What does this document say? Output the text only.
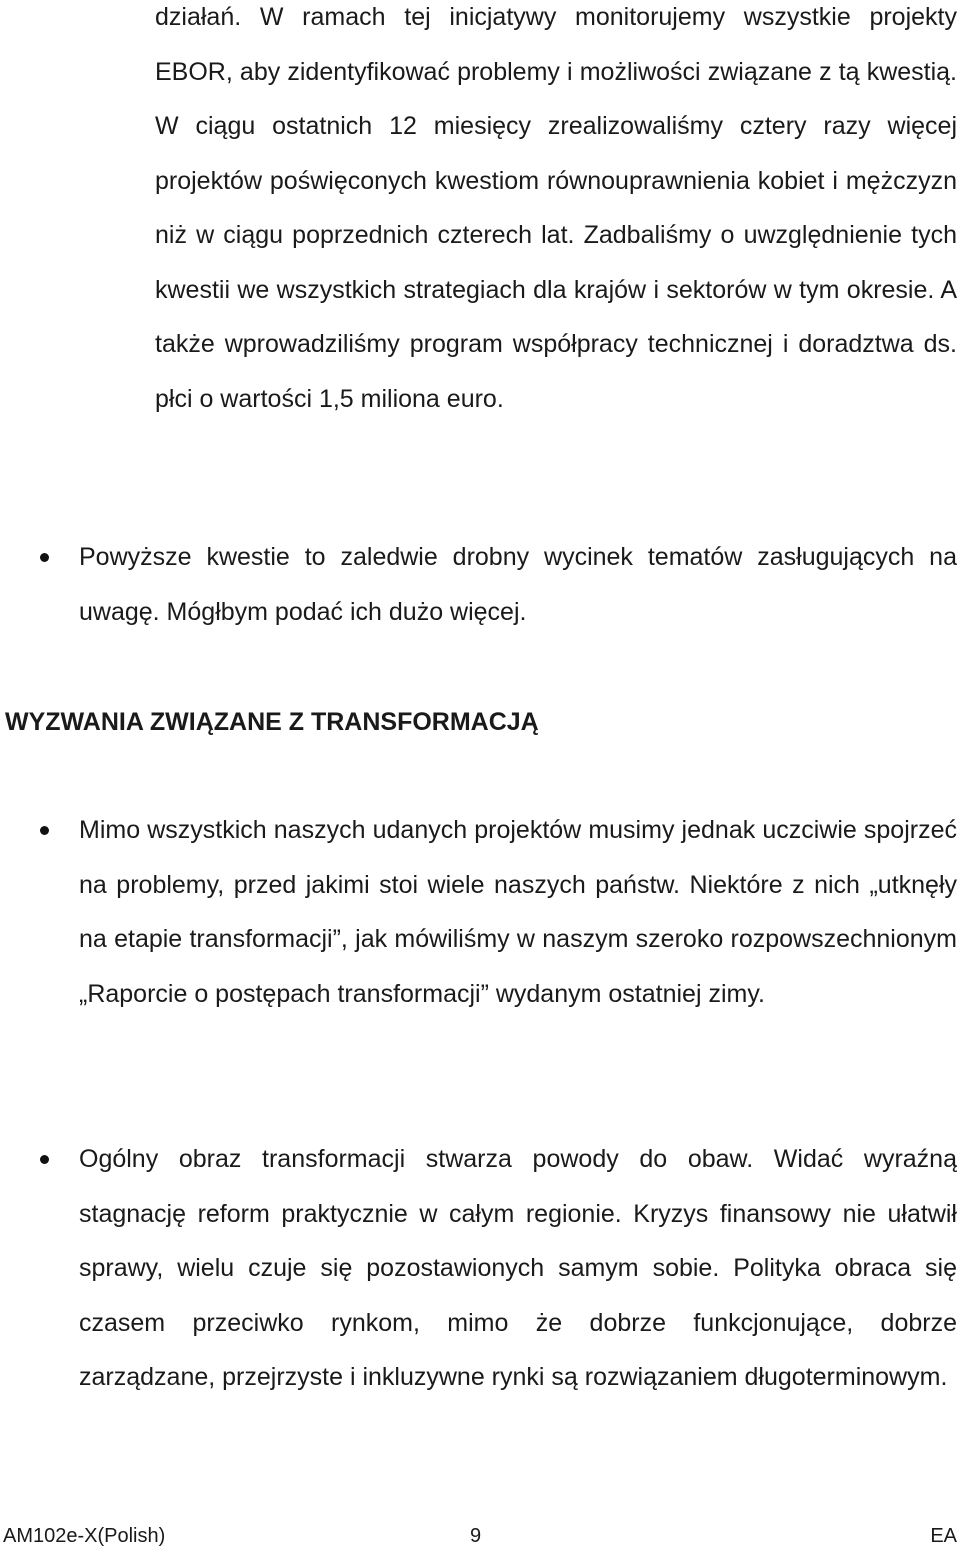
działań. W ramach tej inicjatywy monitorujemy wszystkie projekty EBOR, aby zidentyfikować problemy i możliwości związane z tą kwestią. W ciągu ostatnich 12 miesięcy zrealizowaliśmy cztery razy więcej projektów poświęconych kwestiom równouprawnienia kobiet i mężczyzn niż w ciągu poprzednich czterech lat. Zadbaliśmy o uwzględnienie tych kwestii we wszystkich strategiach dla krajów i sektorów w tym okresie. A także wprowadziliśmy program współpracy technicznej i doradztwa ds. płci o wartości 1,5 miliona euro.

Powyższe kwestie to zaledwie drobny wycinek tematów zasługujących na uwagę. Mógłbym podać ich dużo więcej.

WYZWANIA ZWIĄZANE Z TRANSFORMACJĄ

Mimo wszystkich naszych udanych projektów musimy jednak uczciwie spojrzeć na problemy, przed jakimi stoi wiele naszych państw. Niektóre z nich „utknęły na etapie transformacji”, jak mówiliśmy w naszym szeroko rozpowszechnionym „Raporcie o postępach transformacji” wydanym ostatniej zimy.

Ogólny obraz transformacji stwarza powody do obaw. Widać wyraźną stagnację reform praktycznie w całym regionie. Kryzys finansowy nie ułatwił sprawy, wielu czuje się pozostawionych samym sobie. Polityka obraca się czasem przeciwko rynkom, mimo że dobrze funkcjonujące, dobrze zarządzane, przejrzyste i inkluzywne rynki są rozwiązaniem długoterminowym.

AM102e-X(Polish)	9	EA
